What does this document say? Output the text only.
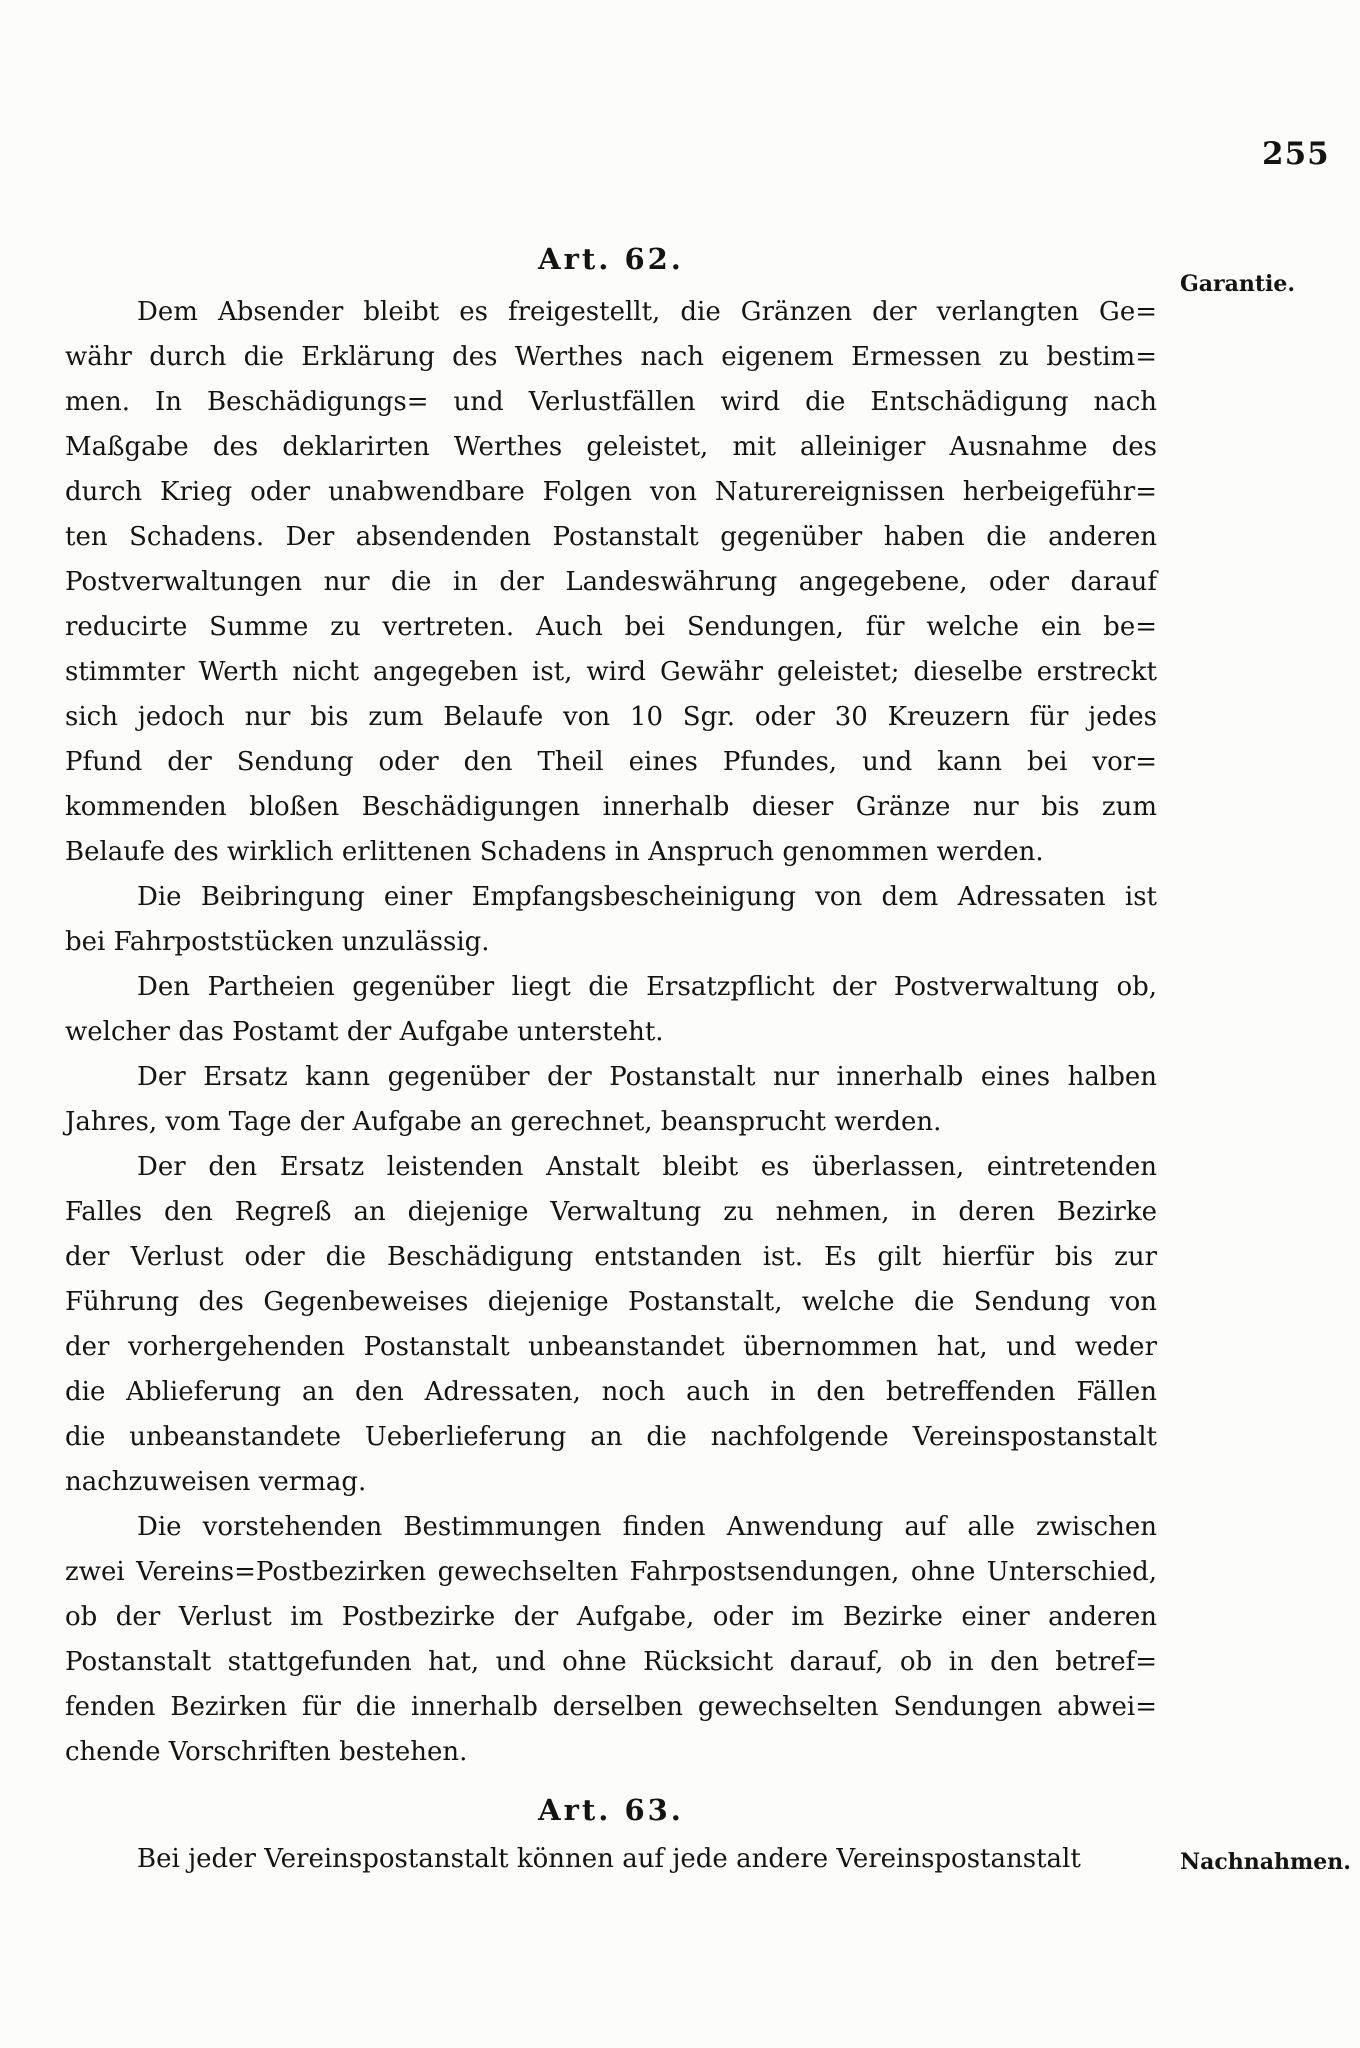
255
Garantie.
Nachnahmen.
Art. 62.
Dem Absender bleibt es freigestellt, die Gränzen der verlangten Ge=
währ durch die Erklärung des Werthes nach eigenem Ermessen zu bestim=
men. In Beschädigungs= und Verlustfällen wird die Entschädigung nach
Maßgabe des deklarirten Werthes geleistet, mit alleiniger Ausnahme des
durch Krieg oder unabwendbare Folgen von Naturereignissen herbeigeführ=
ten Schadens. Der absendenden Postanstalt gegenüber haben die anderen
Postverwaltungen nur die in der Landeswährung angegebene, oder darauf
reducirte Summe zu vertreten. Auch bei Sendungen, für welche ein be=
stimmter Werth nicht angegeben ist, wird Gewähr geleistet; dieselbe erstreckt
sich jedoch nur bis zum Belaufe von 10 Sgr. oder 30 Kreuzern für jedes
Pfund der Sendung oder den Theil eines Pfundes, und kann bei vor=
kommenden bloßen Beschädigungen innerhalb dieser Gränze nur bis zum
Belaufe des wirklich erlittenen Schadens in Anspruch genommen werden.
Die Beibringung einer Empfangsbescheinigung von dem Adressaten ist
bei Fahrpoststücken unzulässig.
Den Partheien gegenüber liegt die Ersatzpflicht der Postverwaltung ob,
welcher das Postamt der Aufgabe untersteht.
Der Ersatz kann gegenüber der Postanstalt nur innerhalb eines halben
Jahres, vom Tage der Aufgabe an gerechnet, beansprucht werden.
Der den Ersatz leistenden Anstalt bleibt es überlassen, eintretenden
Falles den Regreß an diejenige Verwaltung zu nehmen, in deren Bezirke
der Verlust oder die Beschädigung entstanden ist. Es gilt hierfür bis zur
Führung des Gegenbeweises diejenige Postanstalt, welche die Sendung von
der vorhergehenden Postanstalt unbeanstandet übernommen hat, und weder
die Ablieferung an den Adressaten, noch auch in den betreffenden Fällen
die unbeanstandete Ueberlieferung an die nachfolgende Vereinspostanstalt
nachzuweisen vermag.
Die vorstehenden Bestimmungen finden Anwendung auf alle zwischen
zwei Vereins=Postbezirken gewechselten Fahrpostsendungen, ohne Unterschied,
ob der Verlust im Postbezirke der Aufgabe, oder im Bezirke einer anderen
Postanstalt stattgefunden hat, und ohne Rücksicht darauf, ob in den betref=
fenden Bezirken für die innerhalb derselben gewechselten Sendungen abwei=
chende Vorschriften bestehen.
Art. 63.
Bei jeder Vereinspostanstalt können auf jede andere Vereinspostanstalt
